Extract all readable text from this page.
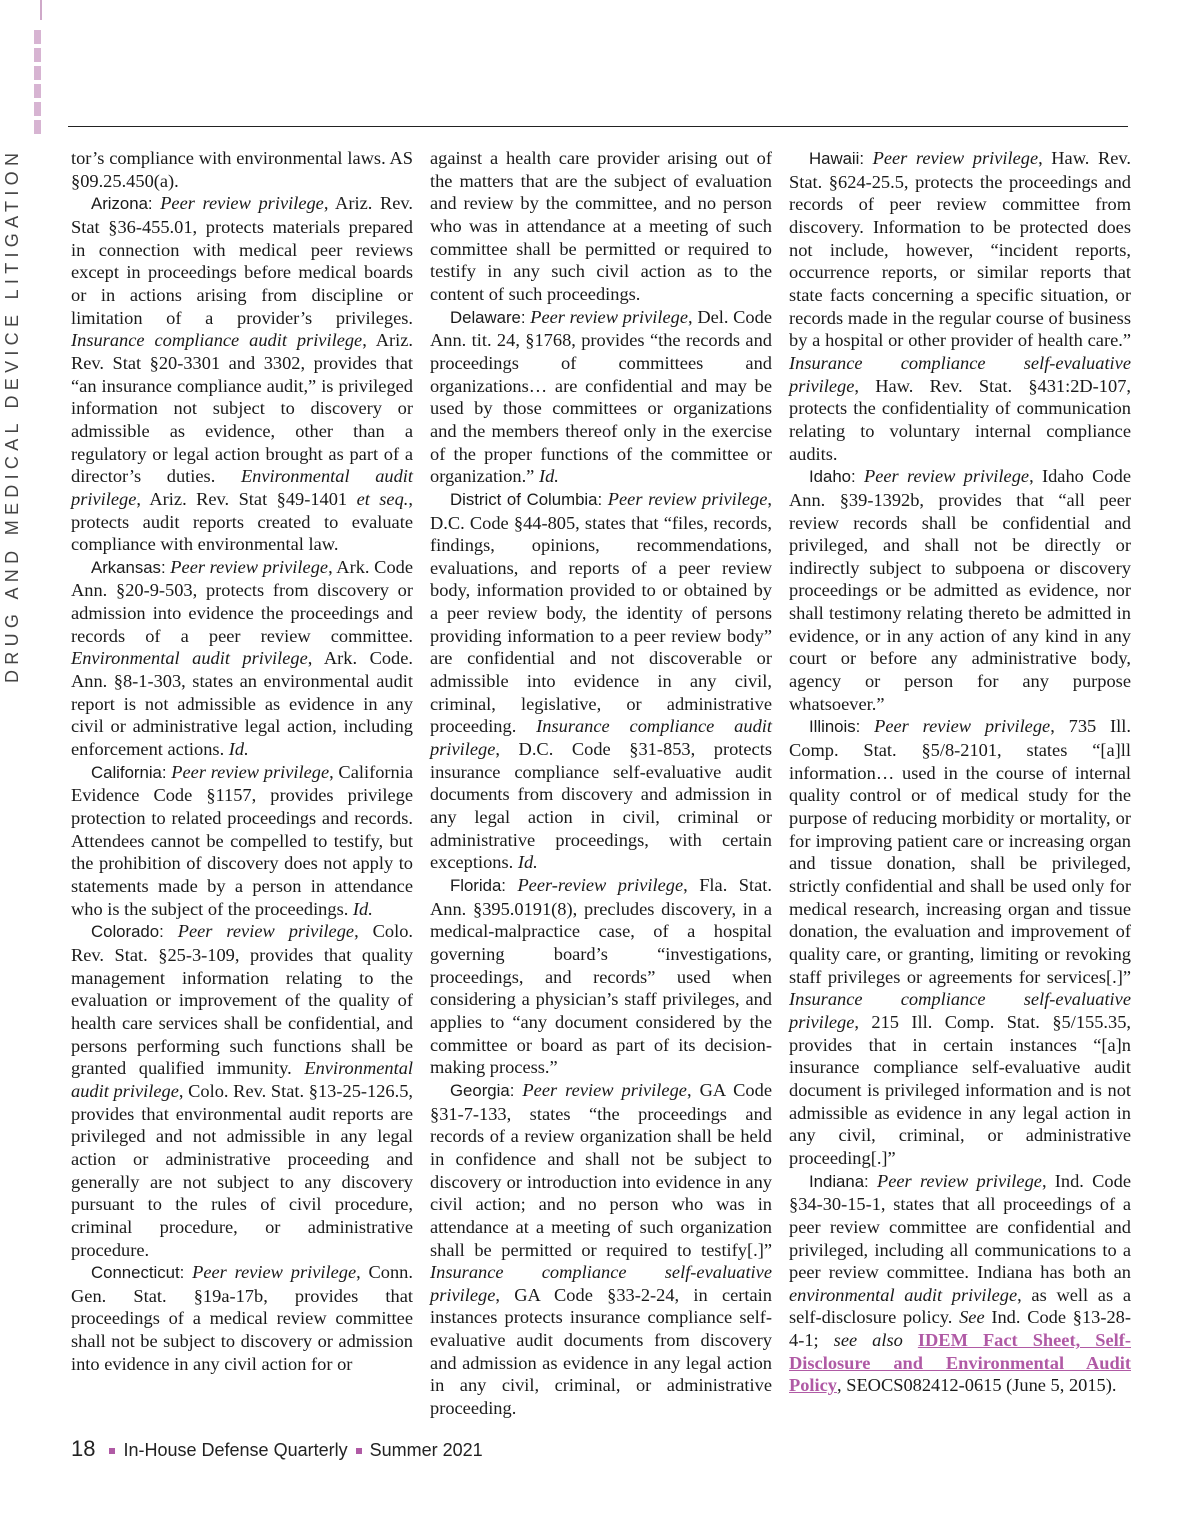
DRUG AND MEDICAL DEVICE LITIGATION	tor’s compliance with environmental laws. AS §09.25.450(a).

Arizona: Peer review privilege, Ariz. Rev. Stat §36-455.01, protects materials prepared in connection with medical peer reviews except in proceedings before medical boards or in actions arising from discipline or limitation of a provider’s privileges. Insurance compliance audit privilege, Ariz. Rev. Stat §20-3301 and 3302, provides that “an insurance compliance audit,” is privileged information not subject to discovery or admissible as evidence, other than a regulatory or legal action brought as part of a director’s duties. Environmental audit privilege, Ariz. Rev. Stat §49-1401 et seq., protects audit reports created to evaluate compliance with environmental law.

Arkansas: Peer review privilege, Ark. Code Ann. §20-9-503, protects from discovery or admission into evidence the proceedings and records of a peer review committee. Environmental audit privilege, Ark. Code. Ann. §8-1-303, states an environmental audit report is not admissible as evidence in any civil or administrative legal action, including enforcement actions. Id.

California: Peer review privilege, California Evidence Code §1157, provides privilege protection to related proceedings and records. Attendees cannot be compelled to testify, but the prohibition of discovery does not apply to statements made by a person in attendance who is the subject of the proceedings. Id.

Colorado: Peer review privilege, Colo. Rev. Stat. §25-3-109, provides that quality management information relating to the evaluation or improvement of the quality of health care services shall be confidential, and persons performing such functions shall be granted qualified immunity. Environmental audit privilege, Colo. Rev. Stat. §13-25-126.5, provides that environmental audit reports are privileged and not admissible in any legal action or administrative proceeding and generally are not subject to any discovery pursuant to the rules of civil procedure, criminal procedure, or administrative procedure.

Connecticut: Peer review privilege, Conn. Gen. Stat. §19a-17b, provides that proceedings of a medical review committee shall not be subject to discovery or admission into evidence in any civil action for or

against a health care provider arising out of the matters that are the subject of evaluation and review by the committee, and no person who was in attendance at a meeting of such committee shall be permitted or required to testify in any such civil action as to the content of such proceedings.

Delaware: Peer review privilege, Del. Code Ann. tit. 24, §1768, provides “the records and proceedings of committees and organizations… are confidential and may be used by those committees or organizations and the members thereof only in the exercise of the proper functions of the committee or organization.” Id.

District of Columbia: Peer review privilege, D.C. Code §44-805, states that “files, records, findings, opinions, recommendations, evaluations, and reports of a peer review body, information provided to or obtained by a peer review body, the identity of persons providing information to a peer review body” are confidential and not discoverable or admissible into evidence in any civil, criminal, legislative, or administrative proceeding. Insurance compliance audit privilege, D.C. Code §31-853, protects insurance compliance self-evaluative audit documents from discovery and admission in any legal action in civil, criminal or administrative proceedings, with certain exceptions. Id.

Florida: Peer-review privilege, Fla. Stat. Ann. §395.0191(8), precludes discovery, in a medical-malpractice case, of a hospital governing board’s “investigations, proceedings, and records” used when considering a physician’s staff privileges, and applies to “any document considered by the committee or board as part of its decision-making process.”

Georgia: Peer review privilege, GA Code §31-7-133, states “the proceedings and records of a review organization shall be held in confidence and shall not be subject to discovery or introduction into evidence in any civil action; and no person who was in attendance at a meeting of such organization shall be permitted or required to testify[.]” Insurance compliance self-evaluative privilege, GA Code §33-2-24, in certain instances protects insurance compliance self-evaluative audit documents from discovery and admission as evidence in any legal action in any civil, criminal, or administrative proceeding.

Hawaii: Peer review privilege, Haw. Rev. Stat. §624-25.5, protects the proceedings and records of peer review committee from discovery. Information to be protected does not include, however, “incident reports, occurrence reports, or similar reports that state facts concerning a specific situation, or records made in the regular course of business by a hospital or other provider of health care.” Insurance compliance self-evaluative privilege, Haw. Rev. Stat. §431:2D-107, protects the confidentiality of communication relating to voluntary internal compliance audits.

Idaho: Peer review privilege, Idaho Code Ann. §39-1392b, provides that “all peer review records shall be confidential and privileged, and shall not be directly or indirectly subject to subpoena or discovery proceedings or be admitted as evidence, nor shall testimony relating thereto be admitted in evidence, or in any action of any kind in any court or before any administrative body, agency or person for any purpose whatsoever.”

Illinois: Peer review privilege, 735 Ill. Comp. Stat. §5/8-2101, states “[a]ll information… used in the course of internal quality control or of medical study for the purpose of reducing morbidity or mortality, or for improving patient care or increasing organ and tissue donation, shall be privileged, strictly confidential and shall be used only for medical research, increasing organ and tissue donation, the evaluation and improvement of quality care, or granting, limiting or revoking staff privileges or agreements for services[.]” Insurance compliance self-evaluative privilege, 215 Ill. Comp. Stat. §5/155.35, provides that in certain instances “[a]n insurance compliance self-evaluative audit document is privileged information and is not admissible as evidence in any legal action in any civil, criminal, or administrative proceeding[.]”

Indiana: Peer review privilege, Ind. Code §34-30-15-1, states that all proceedings of a peer review committee are confidential and privileged, including all communications to a peer review committee. Indiana has both an environmental audit privilege, as well as a self-disclosure policy. See Ind. Code §13-28-4-1; see also IDEM Fact Sheet, Self-Disclosure and Environmental Audit Policy, SEOCS082412-0615 (June 5, 2015).

18 In-House Defense Quarterly Summer 2021
